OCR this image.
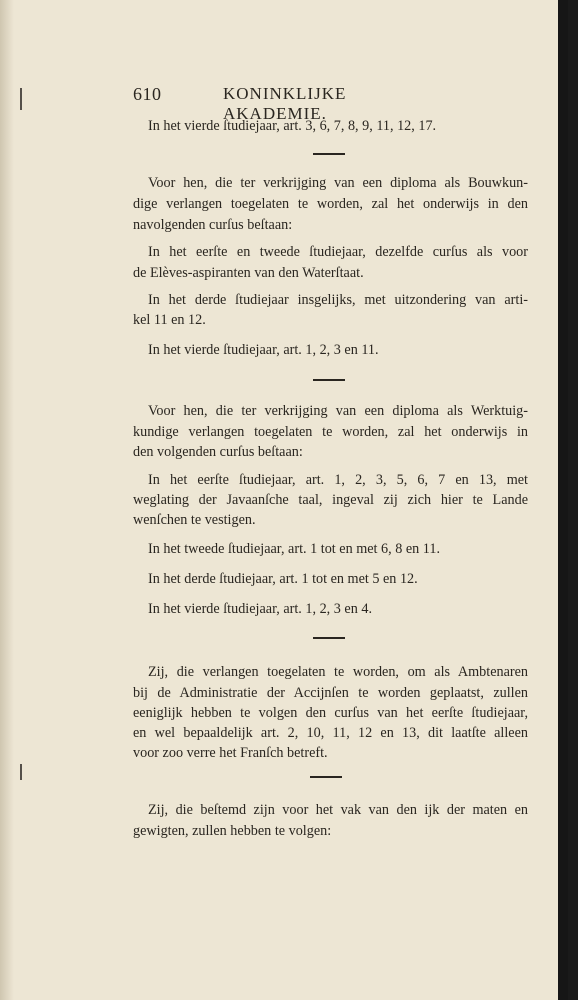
610	KONINKLIJKE AKADEMIE.
In het vierde ſtudiejaar, art. 3, 6, 7, 8, 9, 11, 12, 17.
Voor hen, die ter verkrijging van een diploma als Bouwkun-
dige verlangen toegelaten te worden, zal het onderwijs in den
navolgenden curſus beſtaan:
In het eerſte en tweede ſtudiejaar, dezelfde curſus als voor
de Elèves-aspiranten van den Waterſtaat.
In het derde ſtudiejaar insgelijks, met uitzondering van arti-
kel 11 en 12.
In het vierde ſtudiejaar, art. 1, 2, 3 en 11.
Voor hen, die ter verkrijging van een diploma als Werktuig-
kundige verlangen toegelaten te worden, zal het onderwijs in
den volgenden curſus beſtaan:
In het eerſte ſtudiejaar, art. 1, 2, 3, 5, 6, 7 en 13, met
weglating der Javaanſche taal, ingeval zij zich hier te Lande
wenſchen te vestigen.
In het tweede ſtudiejaar, art. 1 tot en met 6, 8 en 11.
In het derde ſtudiejaar, art. 1 tot en met 5 en 12.
In het vierde ſtudiejaar, art. 1, 2, 3 en 4.
Zij, die verlangen toegelaten te worden, om als Ambtenaren
bij de Administratie der Accijnſen te worden geplaatst, zullen
eeniglijk hebben te volgen den curſus van het eerſte ſtudiejaar,
en wel bepaaldelijk art. 2, 10, 11, 12 en 13, dit laatſte alleen
voor zoo verre het Franſch betreft.
Zij, die beſtemd zijn voor het vak van den ijk der maten en
gewigten, zullen hebben te volgen:
